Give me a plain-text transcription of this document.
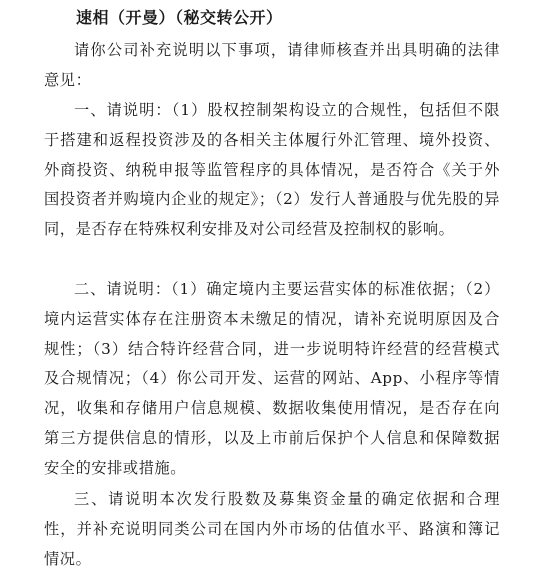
速相（开曼）（秘交转公开）

请你公司补充说明以下事项，请律师核查并出具明确的法律意见：

一、请说明：（1）股权控制架构设立的合规性，包括但不限于搭建和返程投资涉及的各相关主体履行外汇管理、境外投资、外商投资、纳税申报等监管程序的具体情况，是否符合《关于外国投资者并购境内企业的规定》；（2）发行人普通股与优先股的异同，是否存在特殊权利安排及对公司经营及控制权的影响。

二、请说明：（1）确定境内主要运营实体的标准依据；（2）境内运营实体存在注册资本未缴足的情况，请补充说明原因及合规性；（3）结合特许经营合同，进一步说明特许经营的经营模式及合规情况；（4）你公司开发、运营的网站、App、小程序等情况，收集和存储用户信息规模、数据收集使用情况，是否存在向第三方提供信息的情形，以及上市前后保护个人信息和保障数据安全的安排或措施。

三、请说明本次发行股数及募集资金量的确定依据和合理性，并补充说明同类公司在国内外市场的估值水平、路演和簿记情况。
